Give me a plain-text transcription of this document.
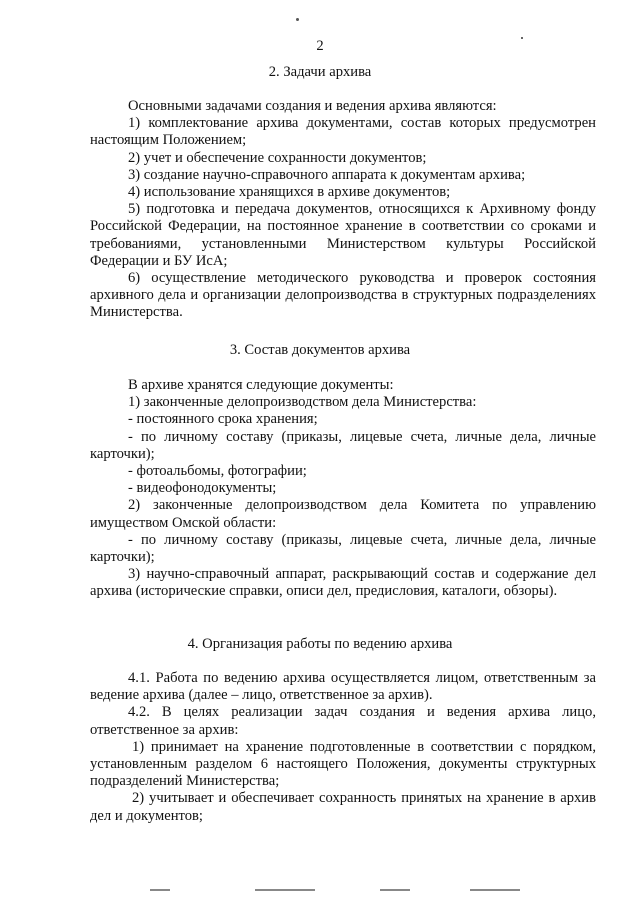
2
2. Задачи архива

Основными задачами создания и ведения архива являются:

1) комплектование архива документами, состав которых предусмотрен настоящим Положением;

2) учет и обеспечение сохранности документов;

3) создание научно-справочного аппарата к документам архива;

4) использование хранящихся в архиве документов;

5) подготовка и передача документов, относящихся к Архивному фонду Российской Федерации, на постоянное хранение в соответствии со сроками и требованиями, установленными Министерством культуры Российской Федерации и БУ ИсА;

6) осуществление методического руководства и проверок состояния архивного дела и организации делопроизводства в структурных подразделениях Министерства.

3. Состав документов архива

В архиве хранятся следующие документы:

1) законченные делопроизводством дела Министерства:

- постоянного срока хранения;

- по личному составу (приказы, лицевые счета, личные дела, личные карточки);

- фотоальбомы, фотографии;

- видеофонодокументы;

2) законченные делопроизводством дела Комитета по управлению имуществом Омской области:

- по личному составу (приказы, лицевые счета, личные дела, личные карточки);

3) научно-справочный аппарат, раскрывающий состав и содержание дел архива (исторические справки, описи дел, предисловия, каталоги, обзоры).

4. Организация работы по ведению архива

4.1. Работа по ведению архива осуществляется лицом, ответственным за ведение архива (далее – лицо, ответственное за архив).

4.2. В целях реализации задач создания и ведения архива лицо, ответственное за архив:

1) принимает на хранение подготовленные в соответствии с порядком, установленным разделом 6 настоящего Положения, документы структурных подразделений Министерства;

2) учитывает и обеспечивает сохранность принятых на хранение в архив дел и документов;
